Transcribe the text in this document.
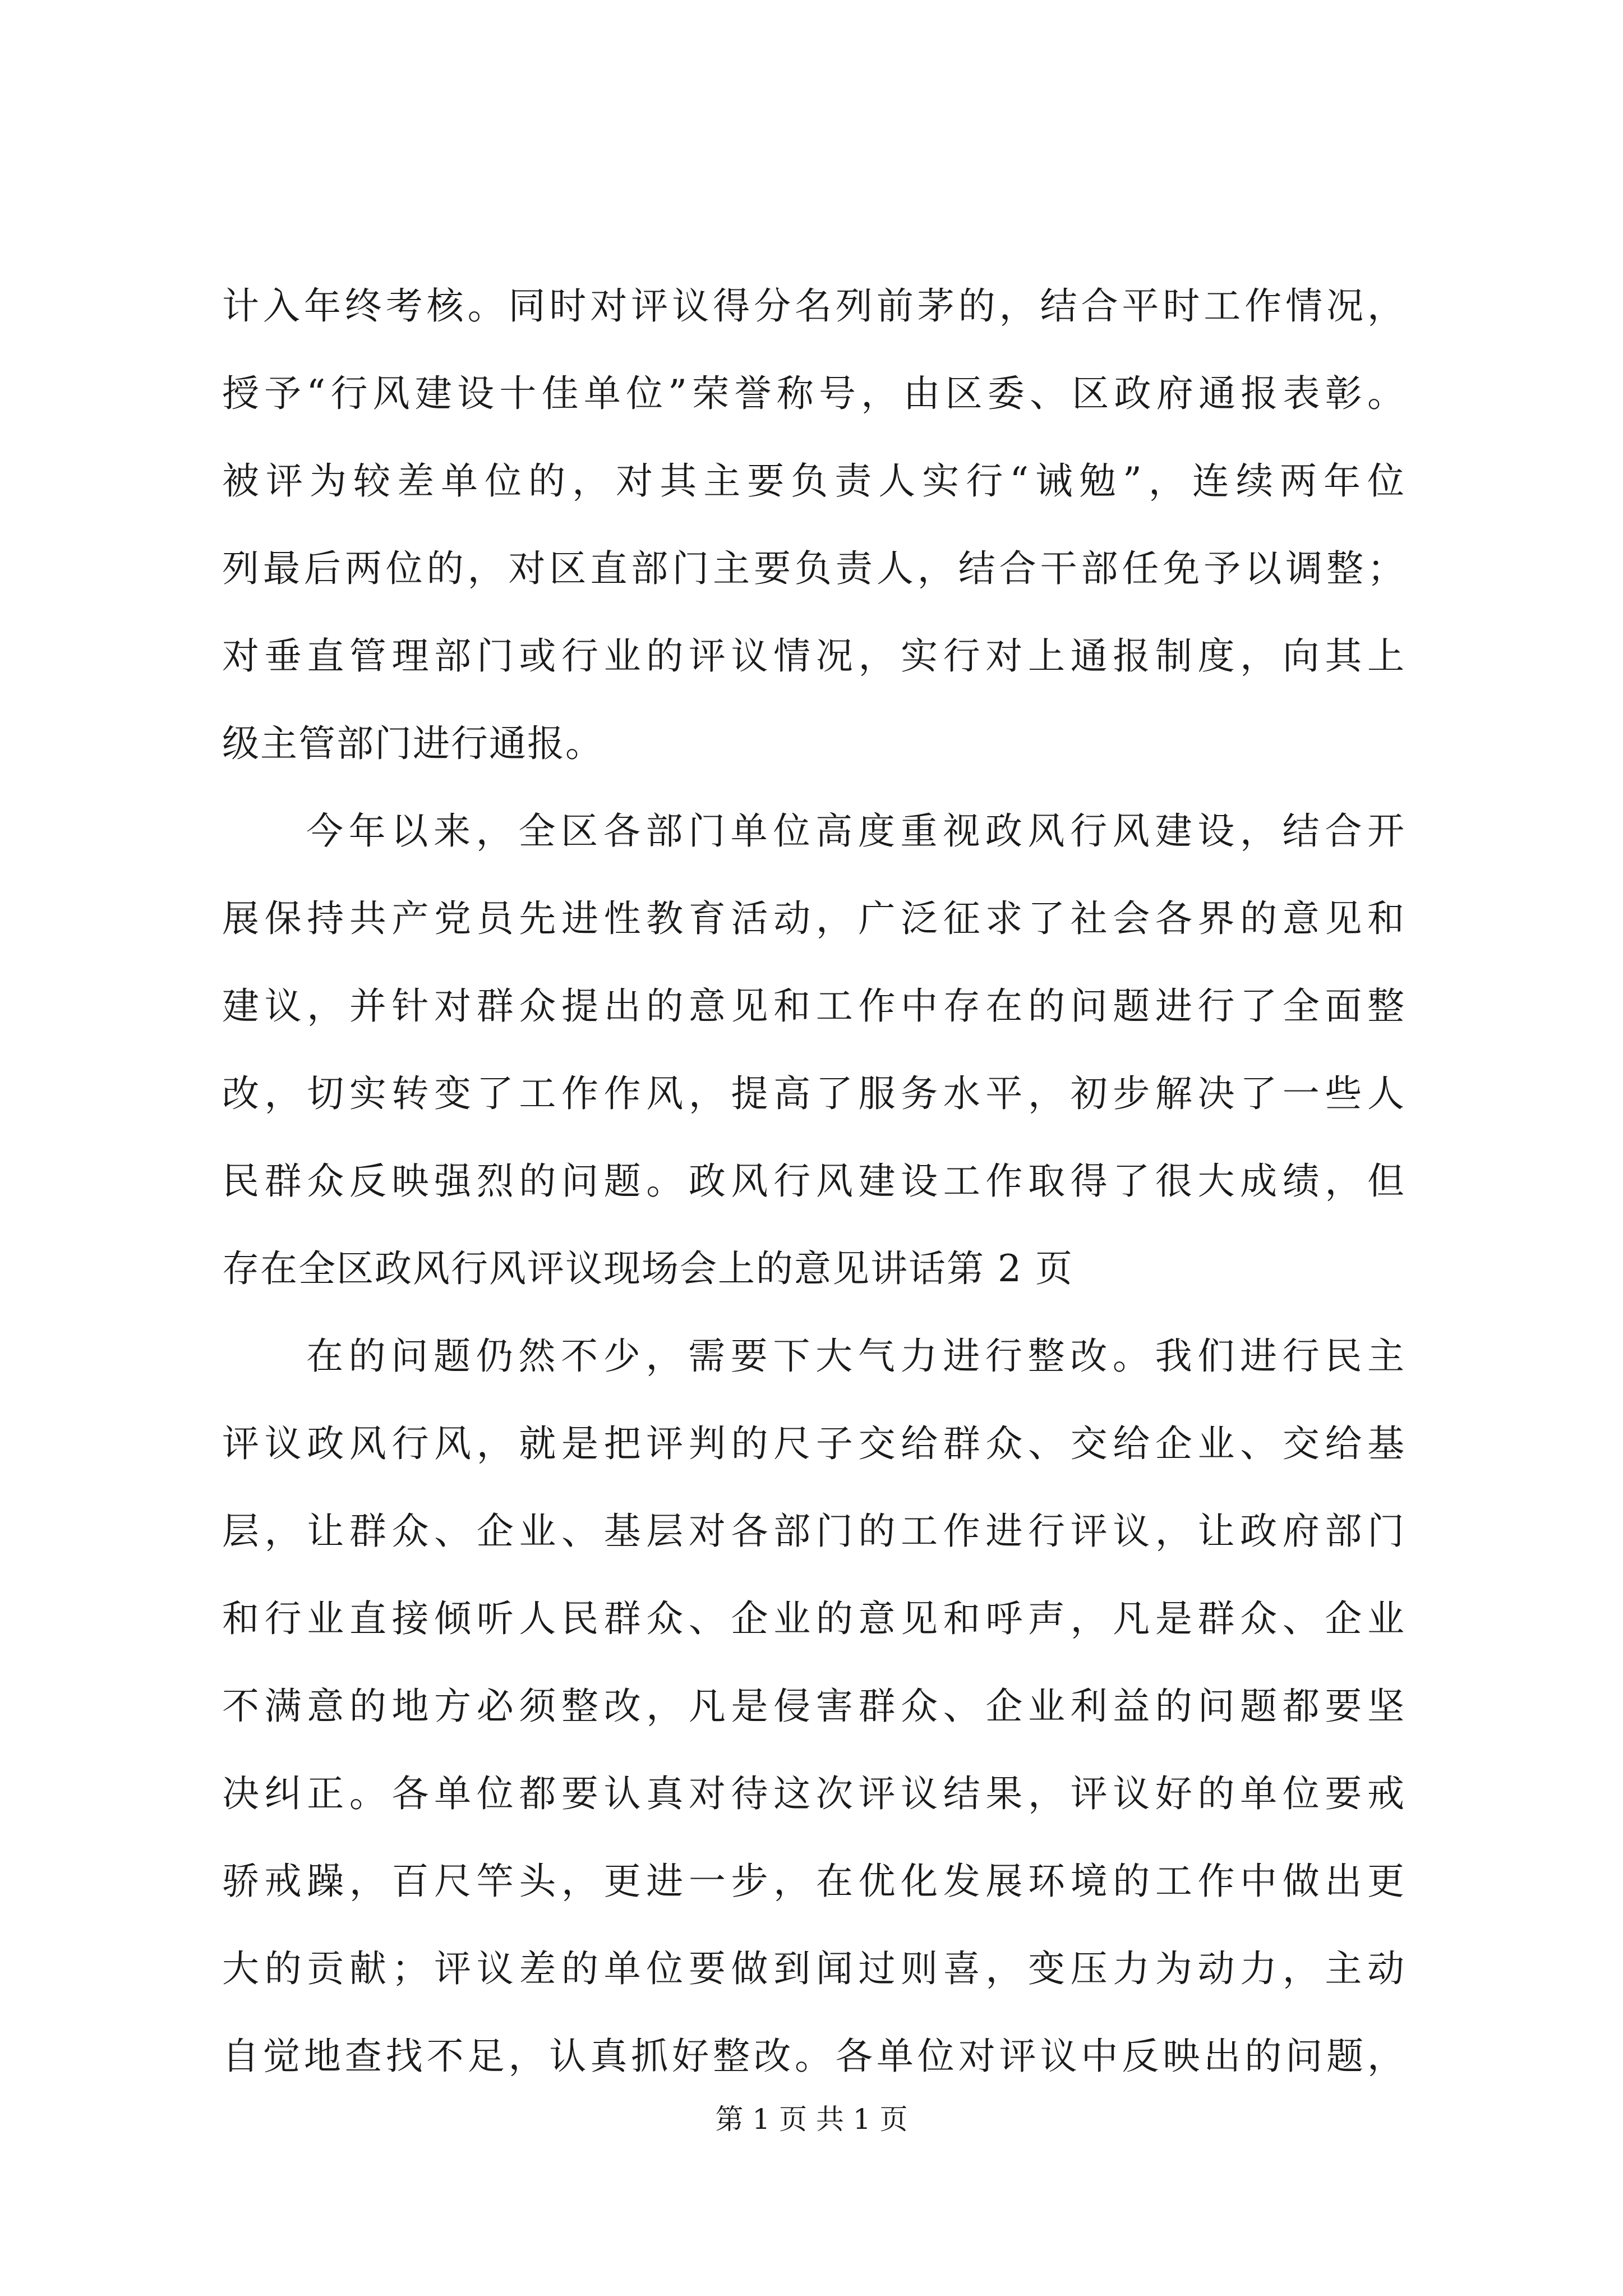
计入年终考核。同时对评议得分名列前茅的，结合平时工作情况，
授予“行风建设十佳单位”荣誉称号，由区委、区政府通报表彰。
被评为较差单位的，对其主要负责人实行“诫勉”，连续两年位
列最后两位的，对区直部门主要负责人，结合干部任免予以调整；
对垂直管理部门或行业的评议情况，实行对上通报制度，向其上
级主管部门进行通报。
今年以来，全区各部门单位高度重视政风行风建设，结合开
展保持共产党员先进性教育活动，广泛征求了社会各界的意见和
建议，并针对群众提出的意见和工作中存在的问题进行了全面整
改，切实转变了工作作风，提高了服务水平，初步解决了一些人
民群众反映强烈的问题。政风行风建设工作取得了很大成绩，但
存在全区政风行风评议现场会上的意见讲话第 2 页
在的问题仍然不少，需要下大气力进行整改。我们进行民主
评议政风行风，就是把评判的尺子交给群众、交给企业、交给基
层，让群众、企业、基层对各部门的工作进行评议，让政府部门
和行业直接倾听人民群众、企业的意见和呼声，凡是群众、企业
不满意的地方必须整改，凡是侵害群众、企业利益的问题都要坚
决纠正。各单位都要认真对待这次评议结果，评议好的单位要戒
骄戒躁，百尺竿头，更进一步，在优化发展环境的工作中做出更
大的贡献；评议差的单位要做到闻过则喜，变压力为动力，主动
自觉地查找不足，认真抓好整改。各单位对评议中反映出的问题，
第 1 页 共 1 页
